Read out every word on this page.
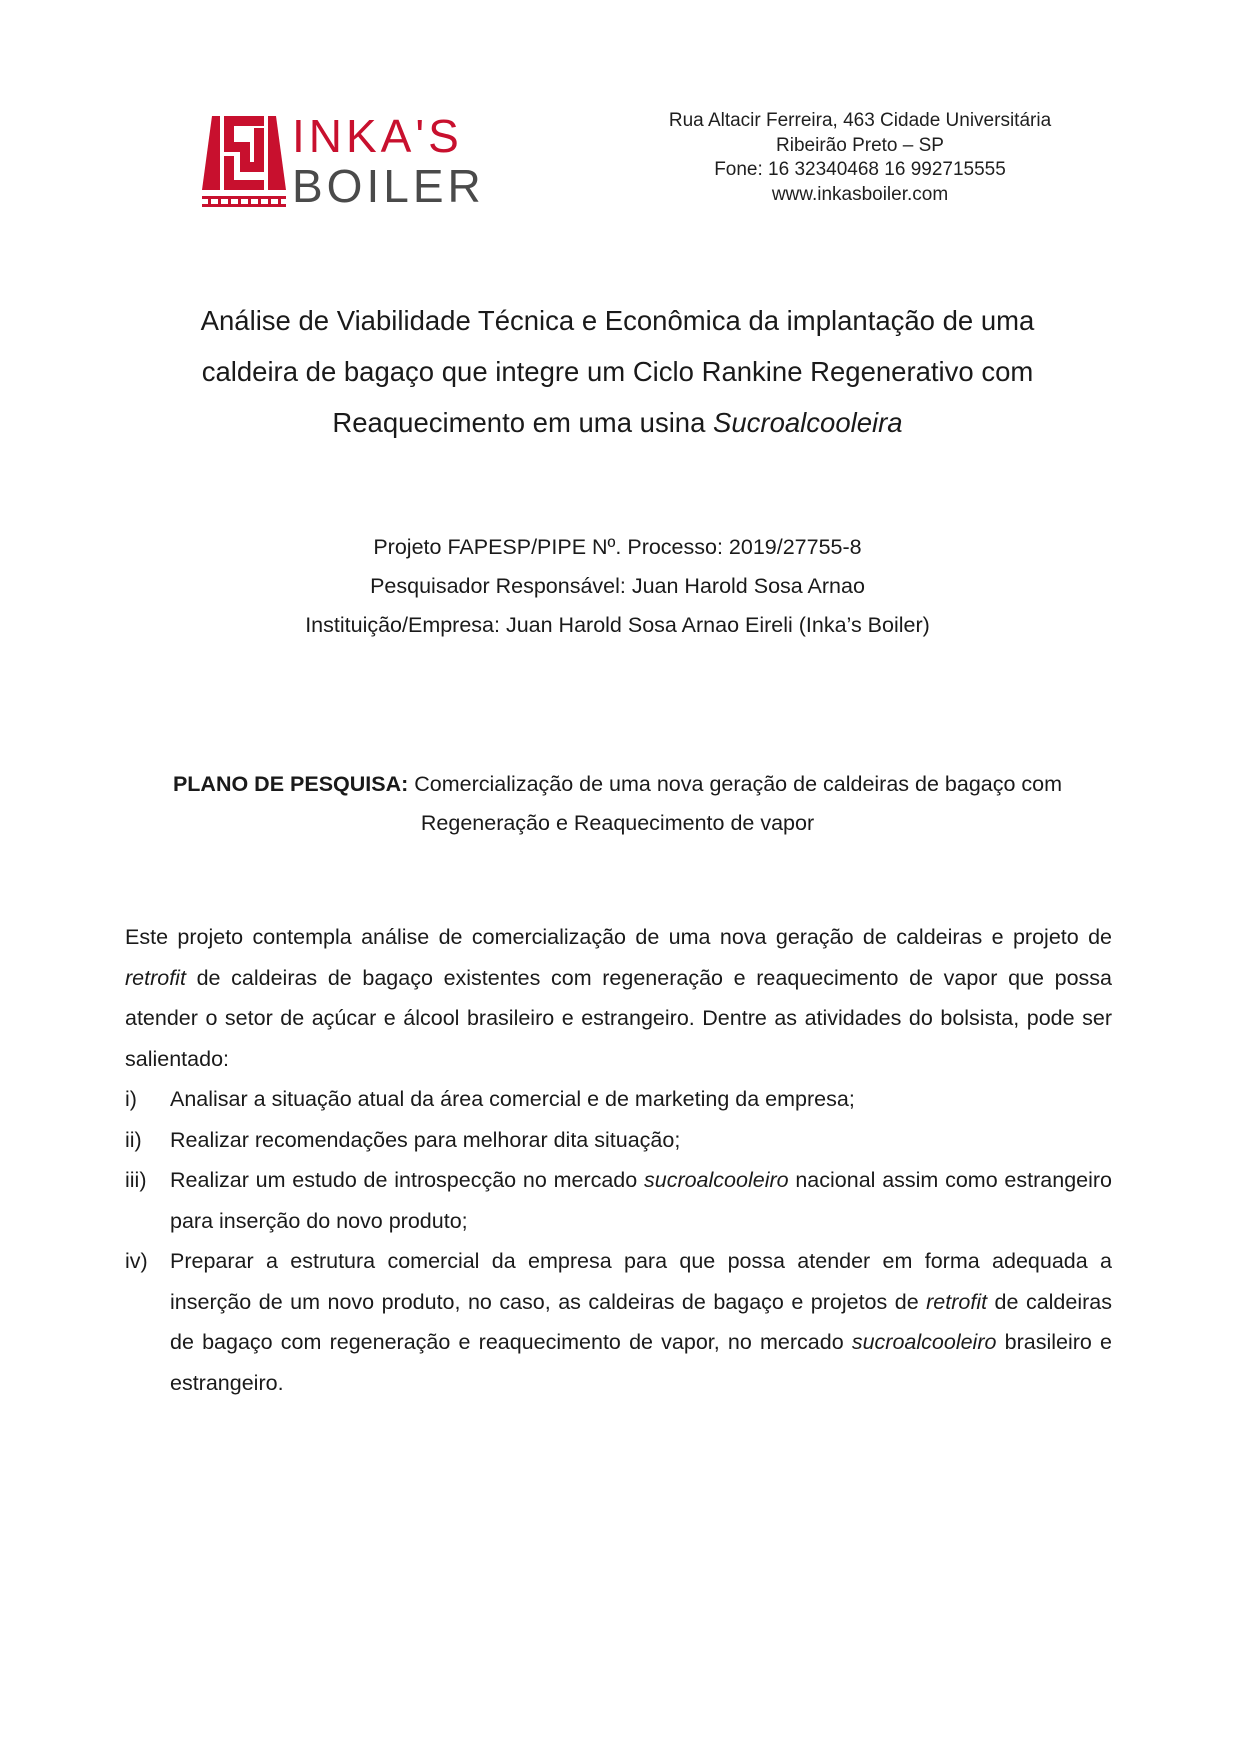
INKA'S
BOILER
Rua Altacir Ferreira, 463 Cidade Universitária
Ribeirão Preto – SP
Fone: 16 32340468 16 992715555
www.inkasboiler.com
Análise de Viabilidade Técnica e Econômica da implantação de uma
caldeira de bagaço que integre um Ciclo Rankine Regenerativo com
Reaquecimento em uma usina Sucroalcooleira
Projeto FAPESP/PIPE Nº. Processo: 2019/27755-8
Pesquisador Responsável: Juan Harold Sosa Arnao
Instituição/Empresa: Juan Harold Sosa Arnao Eireli (Inka’s Boiler)
PLANO DE PESQUISA: Comercialização de uma nova geração de caldeiras de bagaço com
Regeneração e Reaquecimento de vapor
Este projeto contempla análise de comercialização de uma nova geração de caldeiras e projeto de retrofit de caldeiras de bagaço existentes com regeneração e reaquecimento de vapor que possa atender o setor de açúcar e álcool brasileiro e estrangeiro. Dentre as atividades do bolsista, pode ser salientado:
i)	Analisar a situação atual da área comercial e de marketing da empresa;
ii)	Realizar recomendações para melhorar dita situação;
iii)	Realizar um estudo de introspecção no mercado sucroalcooleiro nacional assim como estrangeiro para inserção do novo produto;
iv)	Preparar a estrutura comercial da empresa para que possa atender em forma adequada a inserção de um novo produto, no caso, as caldeiras de bagaço e projetos de retrofit de caldeiras de bagaço com regeneração e reaquecimento de vapor, no mercado sucroalcooleiro brasileiro e estrangeiro.
